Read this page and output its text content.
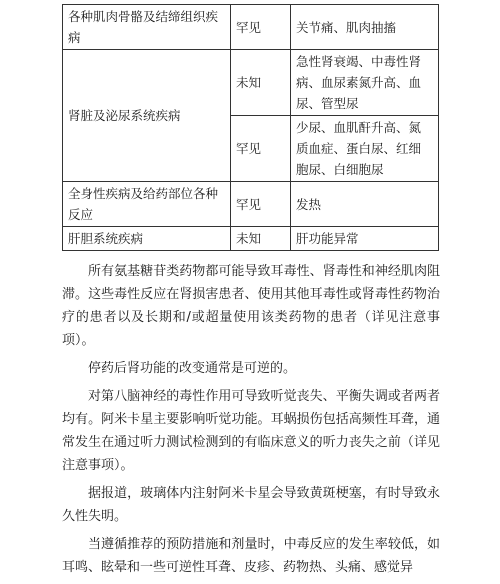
各种肌肉骨骼及结缔组织疾病	罕见	关节痛、肌肉抽搐
肾脏及泌尿系统疾病	未知	急性肾衰竭、中毒性肾病、血尿素氮升高、血尿、管型尿
	罕见	少尿、血肌酐升高、氮质血症、蛋白尿、红细胞尿、白细胞尿
全身性疾病及给药部位各种反应	罕见	发热
肝胆系统疾病	未知	肝功能异常

所有氨基糖苷类药物都可能导致耳毒性、肾毒性和神经肌肉阻滞。这些毒性反应在肾损害患者、使用其他耳毒性或肾毒性药物治疗的患者以及长期和/或超量使用该类药物的患者（详见注意事项）。

停药后肾功能的改变通常是可逆的。

对第八脑神经的毒性作用可导致听觉丧失、平衡失调或者两者均有。阿米卡星主要影响听觉功能。耳蜗损伤包括高频性耳聋，通常发生在通过听力测试检测到的有临床意义的听力丧失之前（详见注意事项）。

据报道，玻璃体内注射阿米卡星会导致黄斑梗塞，有时导致永久性失明。

当遵循推荐的预防措施和剂量时，中毒反应的发生率较低，如耳鸣、眩晕和一些可逆性耳聋、皮疹、药物热、头痛、感觉异
